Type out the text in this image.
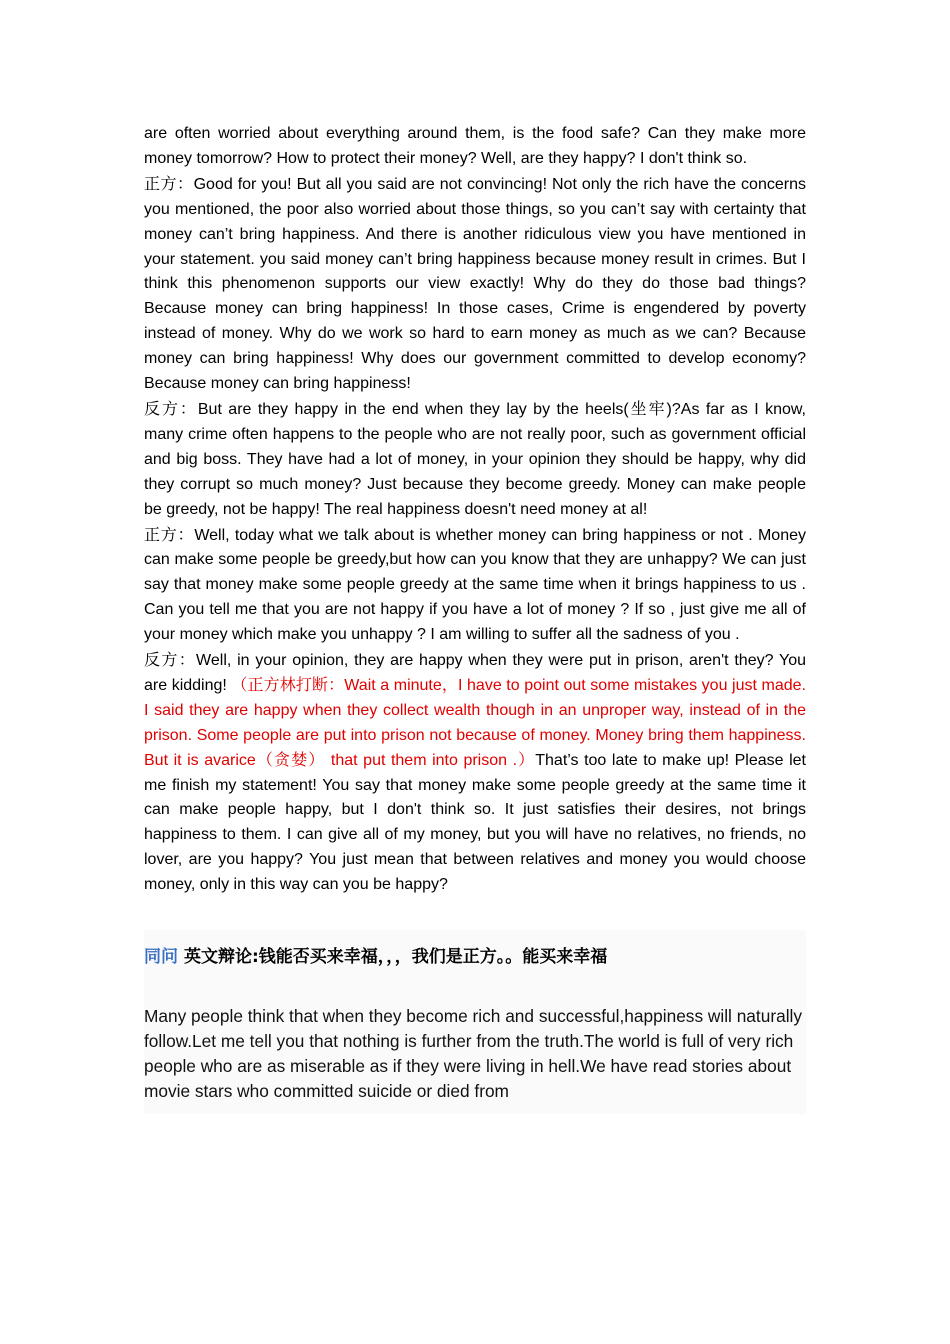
are often worried about everything around them, is the food safe? Can they make more money tomorrow? How to protect their money? Well, are they happy? I don't think so.

正方：Good for you! But all you said are not convincing! Not only the rich have the concerns you mentioned, the poor also worried about those things, so you can’t say with certainty that money can’t bring happiness. And there is another ridiculous view you have mentioned in your statement. you said money can’t bring happiness because money result in crimes. But I think this phenomenon supports our view exactly! Why do they do those bad things? Because money can bring happiness! In those cases, Crime is engendered by poverty instead of money. Why do we work so hard to earn money as much as we can? Because money can bring happiness! Why does our government committed to develop economy? Because money can bring happiness!

反方：But are they happy in the end when they lay by the heels(坐牢)?As far as I know, many crime often happens to the people who are not really poor, such as government official and big boss. They have had a lot of money, in your opinion they should be happy, why did they corrupt so much money? Just because they become greedy. Money can make people be greedy, not be happy! The real happiness doesn't need money at al!

正方：Well, today what we talk about is whether money can bring happiness or not . Money can make some people be greedy,but how can you know that they are unhappy? We can just say that money make some people greedy at the same time when it brings happiness to us . Can you tell me that you are not happy if you have a lot of money ? If so , just give me all of your money which make you unhappy ? I am willing to suffer all the sadness of you .

反方：Well, in your opinion, they are happy when they were put in prison, aren't they? You are kidding! （正方林打断：Wait a minute，I have to point out some mistakes you just made. I said they are happy when they collect wealth though in an unproper way, instead of in the prison. Some people are put into prison not because of money. Money bring them happiness. But it is avarice（贪婪） that put them into prison .）That’s too late to make up! Please let me finish my statement! You say that money make some people greedy at the same time it can make people happy, but I don't think so. It just satisfies their desires, not brings happiness to them. I can give all of my money, but you will have no relatives, no friends, no lover, are you happy? You just mean that between relatives and money you would choose money, only in this way can you be happy?

同问 英文辩论:钱能否买来幸福，，，我们是正方。。能买来幸福

Many people think that when they become rich and successful,happiness will naturally follow.Let me tell you that nothing is further from the truth.The world is full of very rich people who are as miserable as if they were living in hell.We have read stories about movie stars who committed suicide or died from
